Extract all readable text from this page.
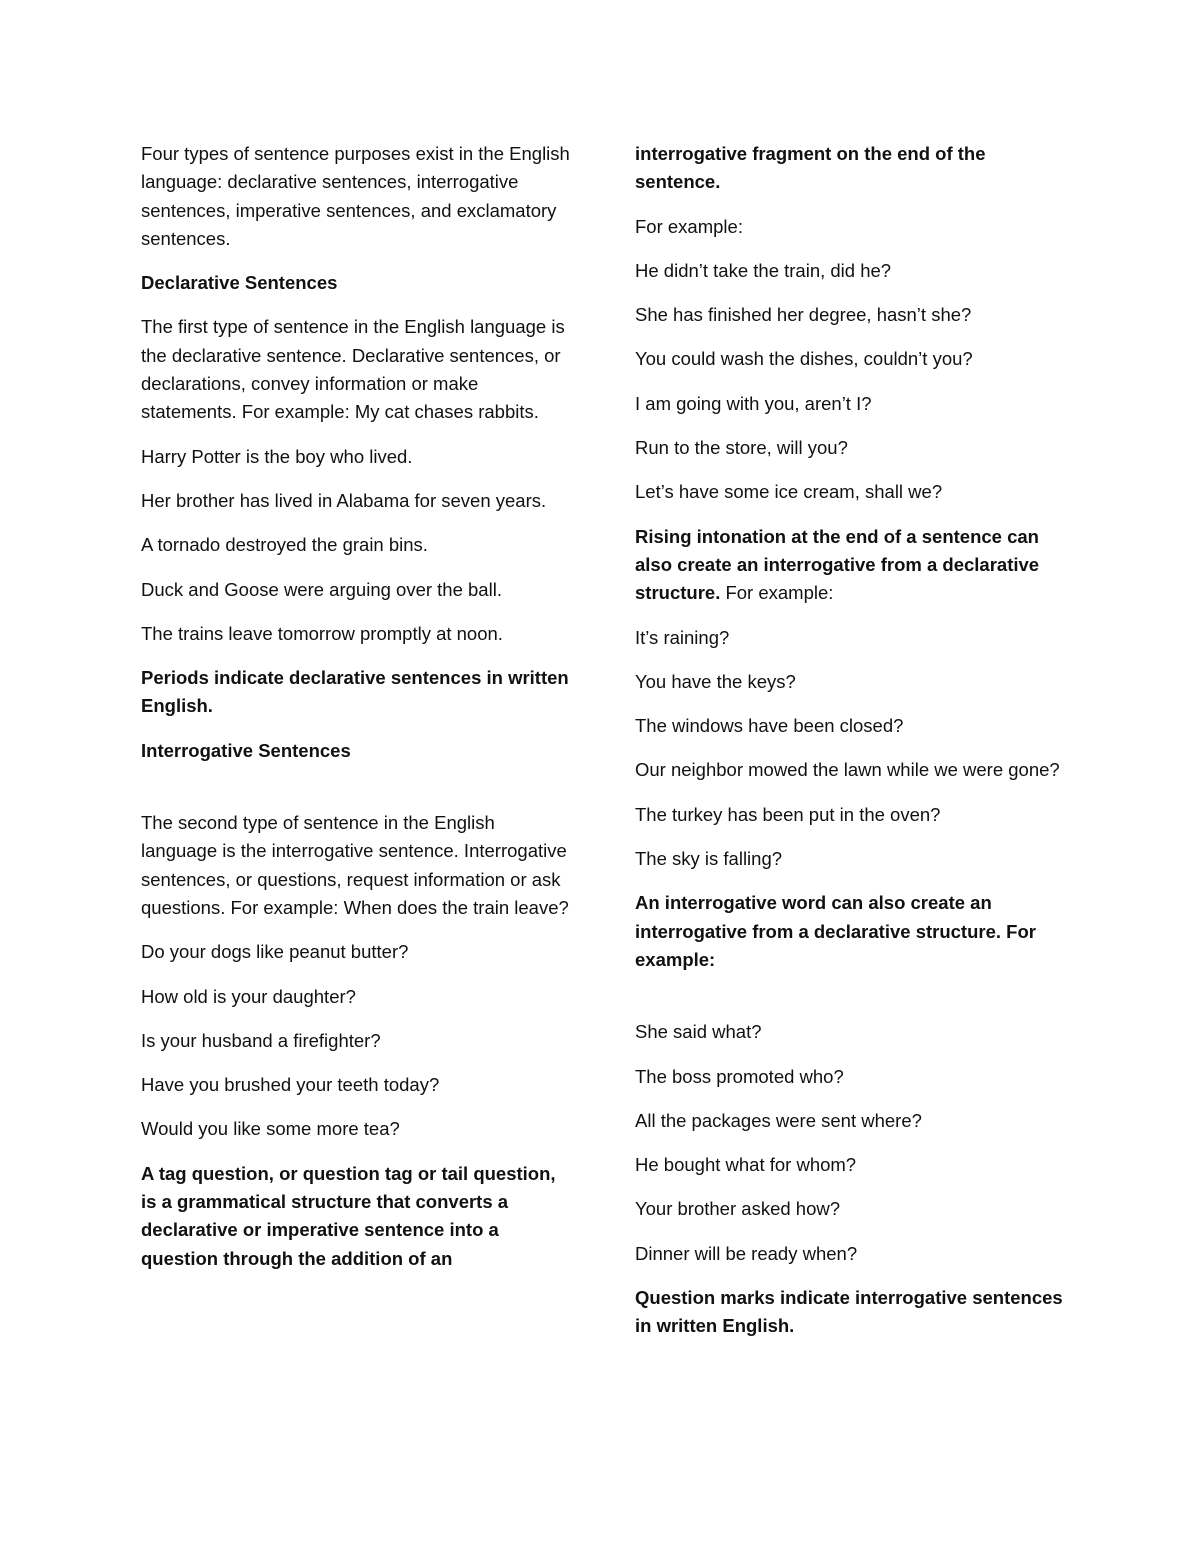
Four types of sentence purposes exist in the English language: declarative sentences, interrogative sentences, imperative sentences, and exclamatory sentences.

Declarative Sentences

The first type of sentence in the English language is the declarative sentence. Declarative sentences, or declarations, convey information or make statements. For example: My cat chases rabbits.

Harry Potter is the boy who lived.

Her brother has lived in Alabama for seven years.

A tornado destroyed the grain bins.

Duck and Goose were arguing over the ball.

The trains leave tomorrow promptly at noon.

Periods indicate declarative sentences in written English.

Interrogative Sentences

The second type of sentence in the English language is the interrogative sentence. Interrogative sentences, or questions, request information or ask questions. For example: When does the train leave?

Do your dogs like peanut butter?

How old is your daughter?

Is your husband a firefighter?

Have you brushed your teeth today?

Would you like some more tea?

A tag question, or question tag or tail question, is a grammatical structure that converts a declarative or imperative sentence into a question through the addition of an

interrogative fragment on the end of the sentence.

For example:

He didn’t take the train, did he?

She has finished her degree, hasn’t she?

You could wash the dishes, couldn’t you?

I am going with you, aren’t I?

Run to the store, will you?

Let’s have some ice cream, shall we?

Rising intonation at the end of a sentence can also create an interrogative from a declarative structure. For example:

It’s raining?

You have the keys?

The windows have been closed?

Our neighbor mowed the lawn while we were gone?

The turkey has been put in the oven?

The sky is falling?

An interrogative word can also create an interrogative from a declarative structure. For example:

She said what?

The boss promoted who?

All the packages were sent where?

He bought what for whom?

Your brother asked how?

Dinner will be ready when?

Question marks indicate interrogative sentences in written English.
